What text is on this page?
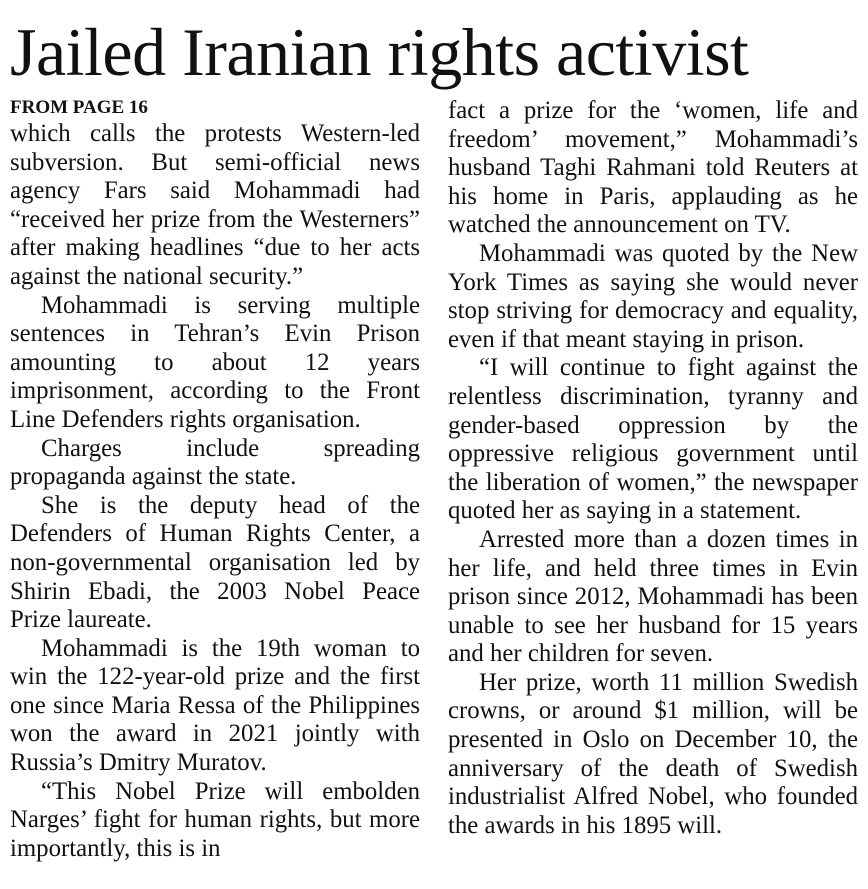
Jailed Iranian rights activist
FROM PAGE 16

which calls the protests Western-led subversion. But semi-official news agency Fars said Mohammadi had “received her prize from the Westerners” after making headlines “due to her acts against the national security.”

Mohammadi is serving multiple sentences in Tehran’s Evin Prison amounting to about 12 years imprisonment, according to the Front Line Defenders rights organisation.

Charges include spreading propaganda against the state.

She is the deputy head of the Defenders of Human Rights Center, a non-governmental organisation led by Shirin Ebadi, the 2003 Nobel Peace Prize laureate.

Mohammadi is the 19th woman to win the 122-year-old prize and the first one since Maria Ressa of the Philippines won the award in 2021 jointly with Russia’s Dmitry Muratov.

“This Nobel Prize will embolden Narges’ fight for human rights, but more importantly, this is in

fact a prize for the ‘women, life and freedom’ movement,” Mohammadi’s husband Taghi Rahmani told Reuters at his home in Paris, applauding as he watched the announcement on TV.

Mohammadi was quoted by the New York Times as saying she would never stop striving for democracy and equality, even if that meant staying in prison.

“I will continue to fight against the relentless discrimination, tyranny and gender-based oppression by the oppressive religious government until the liberation of women,” the newspaper quoted her as saying in a statement.

Arrested more than a dozen times in her life, and held three times in Evin prison since 2012, Mohammadi has been unable to see her husband for 15 years and her children for seven.

Her prize, worth 11 million Swedish crowns, or around $1 million, will be presented in Oslo on December 10, the anniversary of the death of Swedish industrialist Alfred Nobel, who founded the awards in his 1895 will.
